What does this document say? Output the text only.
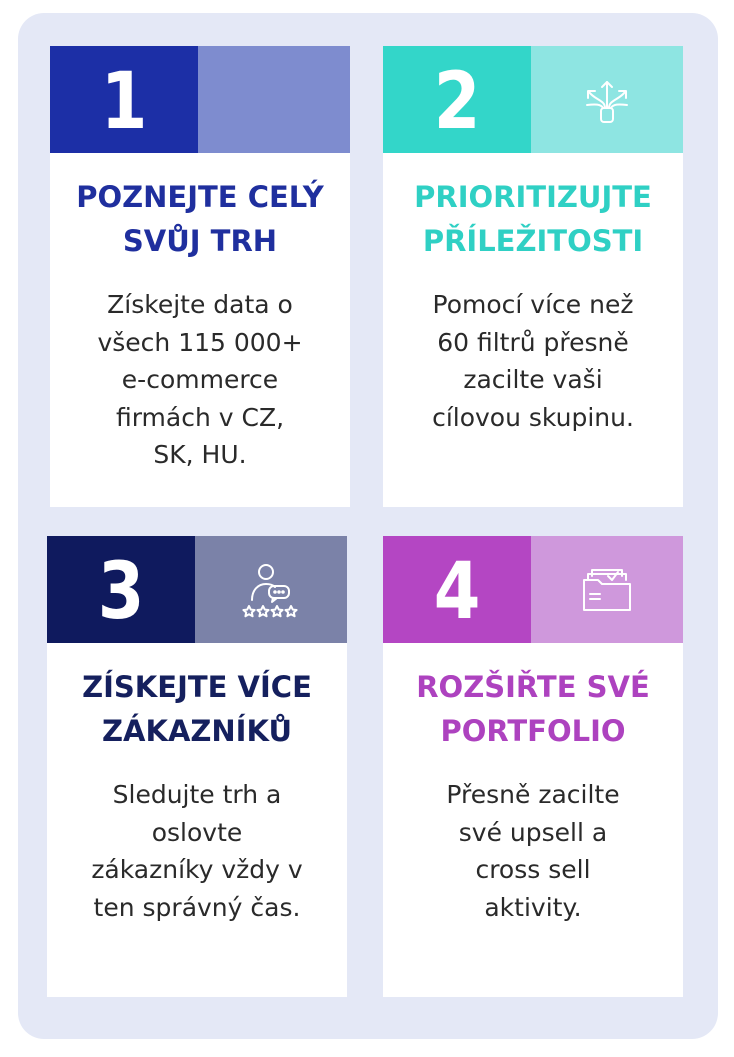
1
POZNEJTE CELÝ
SVŮJ TRH
Získejte data o
všech 115 000+
e-commerce
firmách v CZ,
SK, HU.
2
PRIORITIZUJTE
PŘÍLEŽITOSTI
Pomocí více než
60 filtrů přesně
zacilte vaši
cílovou skupinu.
3
ZÍSKEJTE VÍCE
ZÁKAZNÍKŮ
Sledujte trh a
oslovte
zákazníky vždy v
ten správný čas.
4
ROZŠIŘTE SVÉ
PORTFOLIO
Přesně zacilte
své upsell a
cross sell
aktivity.
